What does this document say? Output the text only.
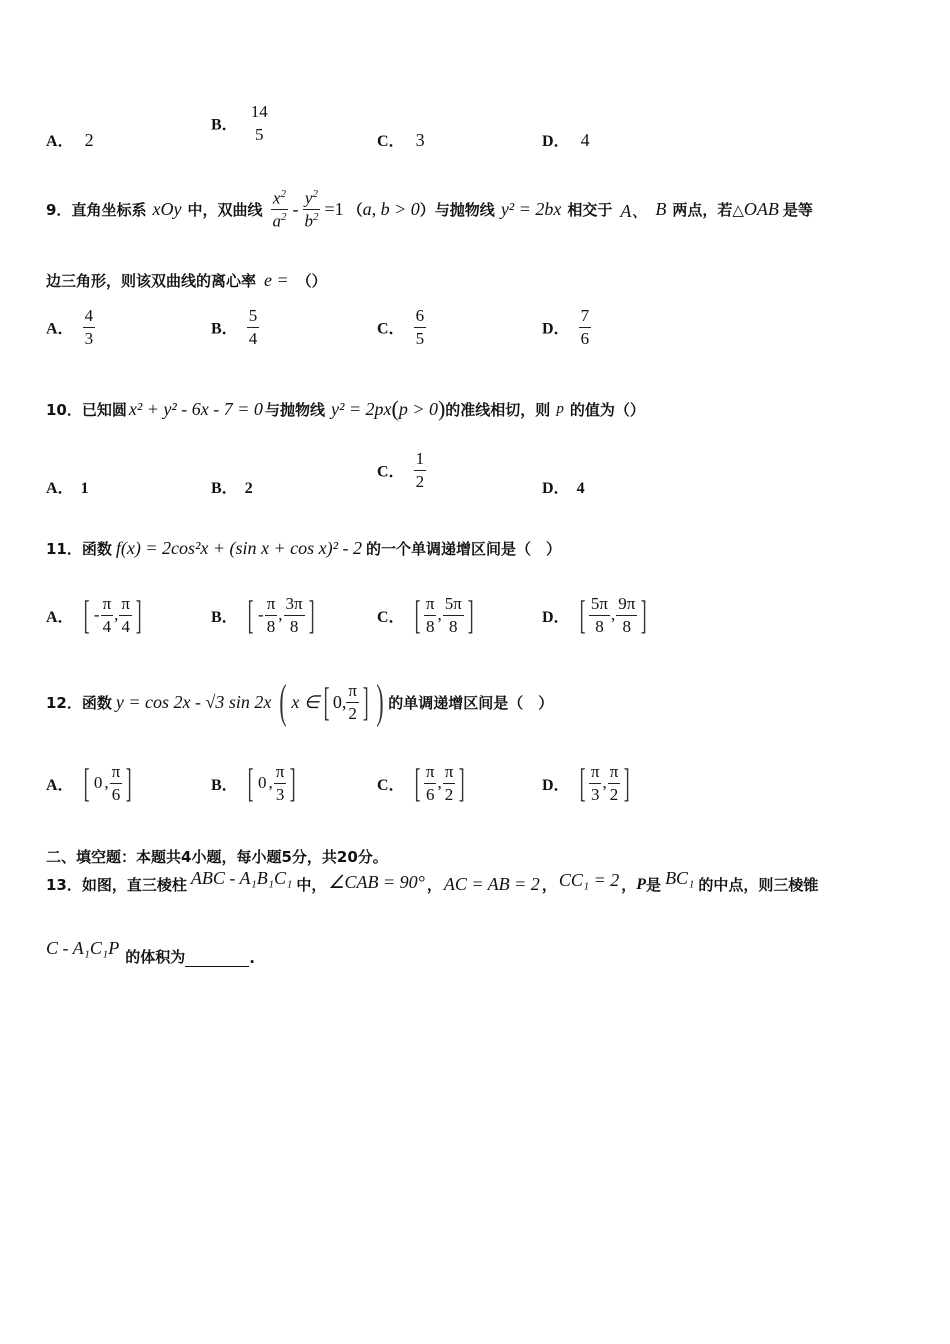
A． 2
B． $\frac{14}{5}$	C． 3	D． 4
9． 直角坐标系 xOy 中，双曲线 $\frac{x^2}{a^2} - \frac{y^2}{b^2} =1$ （ a, b > 0 ） 与抛物线 y² = 2bx 相交于 A、 B 两点，若△ OAB 是等
边三角形，则该双曲线的离心率 e = （）
A． $\frac{4}{3}$	B． $\frac{5}{4}$	C． $\frac{6}{5}$	D． $\frac{7}{6}$
10． 已知圆 x² + y² - 6x - 7 = 0 与抛物线 y² = 2px ( p > 0 ) 的准线相切，则 p 的值为（）
A． 1	B． 2
C． $\frac{1}{2}$	D． 4
11． 函数 f(x) = 2cos²x + (sin x + cos x)² - 2 的一个单调递增区间是（　）
A． [ - $\frac{\pi}{4}$ , $\frac{\pi}{4}$ ]	B． [ - $\frac{\pi}{8}$ , $\frac{3\pi}{8}$ ]	C． [ $\frac{\pi}{8}$ , $\frac{5\pi}{8}$ ]	D． [ $\frac{5\pi}{8}$ , $\frac{9\pi}{8}$ ]
12． 函数 y = cos 2x - √3 sin 2x ( x ∈ [ 0, $\frac{\pi}{2}$ ] ) 的单调递增区间是（　）
A． [ 0 , $\frac{\pi}{6}$ ]	B． [ 0 , $\frac{\pi}{3}$ ]	C． [ $\frac{\pi}{6}$ , $\frac{\pi}{2}$ ]	D． [ $\frac{\pi}{3}$ , $\frac{\pi}{2}$ ]
二、填空题：本题共4小题，每小题5分，共20分。
13． 如图，直三棱柱 ABC - A₁B₁C₁ 中， ∠CAB = 90° ， AC = AB = 2 ， CC₁ = 2 ， P 是 BC₁ 的中点，则三棱锥
C - A₁C₁P 的体积为	.
